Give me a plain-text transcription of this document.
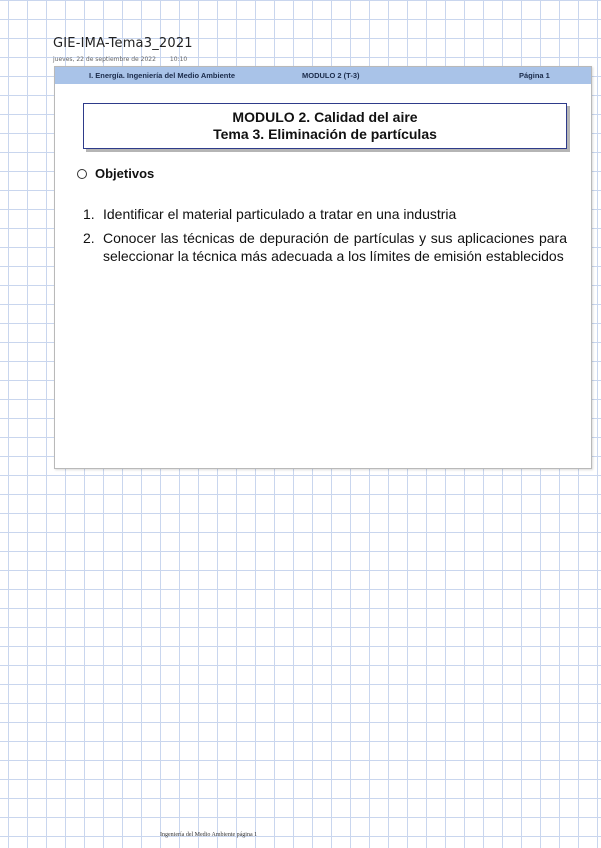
GIE-IMA-Tema3_2021
jueves, 22 de septiembre de 2022 10:10
I. Energía. Ingeniería del Medio Ambiente	MODULO 2 (T-3)	Página 1
MODULO 2. Calidad del aire
Tema 3. Eliminación de partículas
Objetivos
1. Identificar el material particulado a tratar en una industria
2. Conocer las técnicas de depuración de partículas y sus aplicaciones para seleccionar la técnica más adecuada a los límites de emisión establecidos
Ingeniería del Medio Ambiente página 1
